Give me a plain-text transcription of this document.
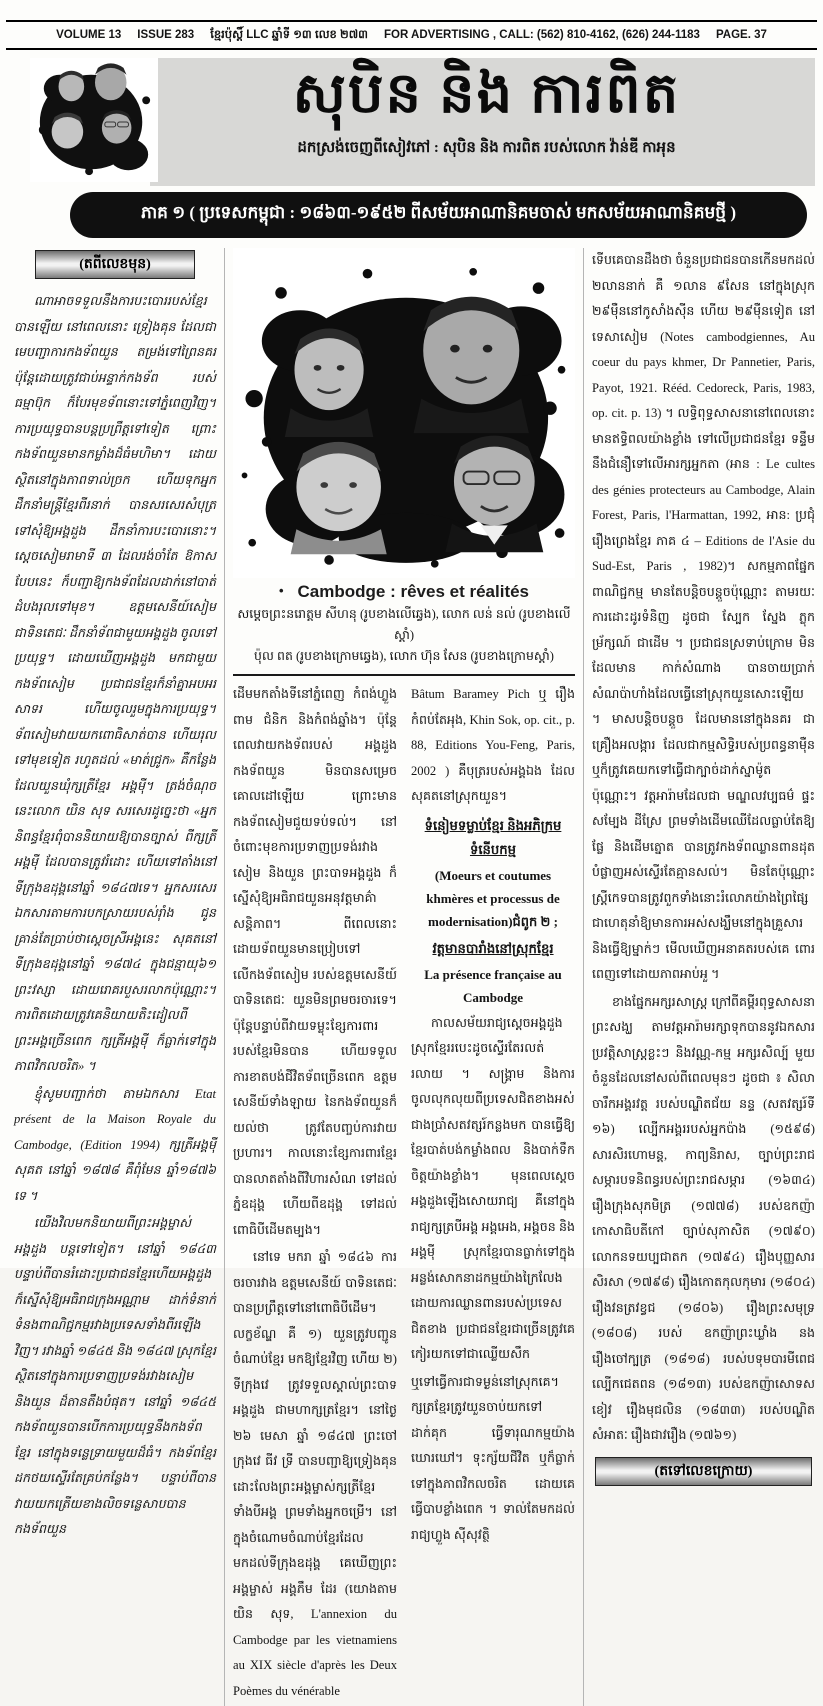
VOLUME 13 ISSUE 283 ខ្មែរប៉ុស្តិ៍ LLC ឆ្នាំទី ១៣ លេខ ២៧៣ FOR ADVERTISING , CALL: (562) 810-4162, (626) 244-1183 PAGE. 37
សុបិន និង ការពិត
ដកស្រង់ចេញពីសៀវភៅ : សុបិន និង ការពិត របស់លោក វ៉ាន់ឌី កាអុន
ភាគ ១ ( ប្រទេសកម្ពុជា : ១៨៦៣-១៩៥២ ពីសម័យអាណានិគមចាស់ មកសម័យអាណានិគមថ្មី )
(តពីលេខមុន)

ណាអាចទទួលនឹងការបះបោររបស់ខ្មែរ បានឡើយ នៅពេលនោះ ទ្រៀងគុន ដែលជាមេបញ្ជាការកងទ័ពយួន តម្រង់ទៅព្រៃនគរ ប៉ុន្តែដោយត្រូវជាប់អន្ទាក់កងទ័ព របស់ ធម្មាប៊ុក ក៏បែរមុខទ័ពនោះទៅភ្នំពេញវិញ។ ការប្រយុទ្ធបានបន្តប្រព្រឹត្តទៅទៀត ព្រោះកងទ័ពយួនមានកម្លាំងដ៏ធំមហិមា។ ដោយស្ថិតនៅក្នុងភាពទាល់ច្រក ហើយទុកអ្នកដឹកនាំមន្ត្រីខ្មែរពីរនាក់ បានសរសេរសំបុត្រទៅសុំឱ្យអង្គដួង ដឹកនាំការបះបោរនោះ។ ស្តេចសៀមរាមាទី ៣ ដែលរង់ចាំតែ ឱកាសបែបនេះ ក៏បញ្ជាឱ្យកងទ័ពដែលដាក់នៅបាត់ដំបងរុលទៅមុខ។ ឧត្តមសេនីយ៍សៀម ជាទិនតេជៈ ដឹកនាំទ័ពជាមួយអង្គដួង ចូលទៅប្រយុទ្ធ។ ដោយឃើញអង្គដួង មកជាមួយកងទ័ពសៀម ប្រជាជនខ្មែរក៏នាំគ្នាអបអរសាទរ ហើយចូលរួមក្នុងការប្រយុទ្ធ។ ទ័ពសៀមវាយយកពោធិសាត់បាន ហើយរុលទៅមុខទៀត រហូតដល់ «មាត់ជ្រូក» គឺកន្លែងដែលយួនឃុំក្សត្រីខ្មែរ អង្គម៉ី។ ត្រង់ចំណុចនេះលោក យិន សុទ សរសេរដូច្នេះថា «អ្នកនិពន្ធខ្មែរពុំបាននិយាយឱ្យបានច្បាស់ ពីក្សត្រីអង្គម៉ី ដែលបានត្រូវរំដោះ ហើយទៅតាំងនៅទីក្រុងឧដុង្គនៅឆ្នាំ ១៨៤៧ទេ។ អ្នកសរសេរឯកសារតាមការបកស្រាយរបស់រ៉ាំង ជូន គ្រាន់តែប្រាប់ថាស្តេចស្រីអង្គនេះ សុគតនៅទីក្រុងឧដុង្គនៅឆ្នាំ ១៨៧៤ ក្នុងជន្មាយុ៦១ ព្រះវស្សា ដោយរោគរបួសរលាកប៉ុណ្ណោះ។ ការពិតដោយត្រូវគេនិយាយតិះដៀលពីព្រះអង្គច្រើនពេក ក្សត្រីអង្គម៉ី ក៏ធ្លាក់ទៅក្នុងភាពវិកលចរិត» ។

ខ្ញុំសូមបញ្ជាក់ថា តាមឯកសារ Etat présent de la Maison Royale du Cambodge, (Edition 1994) ក្សត្រីអង្គម៉ី សុគត នៅឆ្នាំ ១៨៧៨ គឺពុំមែន ឆ្នាំ១៨៧៦ ទេ ។

យើងវិលមកនិយាយពីព្រះអង្គម្ចាស់ អង្គដួង បន្តទៅទៀត។ នៅឆ្នាំ ១៨៤៣ បន្ទាប់ពីបានរំដោះប្រជាជនខ្មែរហើយអង្គដួង ក៏ស្នើសុំឱ្យអធិរាជក្រុងអណ្ណាម ដាក់ទំនាក់ទំនងពាណិជ្ជកម្មរវាងប្រទេសទាំងពីរឡើងវិញ។ រវាងឆ្នាំ ១៨៤៥ និង ១៨៤៧ ស្រុកខ្មែរស្ថិតនៅក្នុងការប្រទាញប្រទង់រវាងសៀម និងយួន ដ៏តានតឹងបំផុត។ នៅឆ្នាំ ១៨៤៥ កងទ័ពយួនបានបើកការប្រយុទ្ធនឹងកងទ័ពខ្មែរ នៅក្នុងទន្លេទ្រាយមួយដ៏ធំ។ កងទ័ពខ្មែរដកថយស្ទើរតែគ្រប់កន្លែង។ បន្ទាប់ពីបានវាយយកត្រើយខាងលិចទន្លេសាបបាន កងទ័ពយួន

• Cambodge : rêves et réalités

សម្តេចព្រះនរោត្តម សីហនុ (រូបខាងលើឆ្វេង), លោក លន់ នល់ (រូបខាងលើស្តាំ)

ប៉ុល ពត (រូបខាងក្រោមឆ្វេង), លោក ហ៊ុន សែន (រូបខាងក្រោមស្តាំ)

ដើមមកតាំងទីនៅភ្នំពេញ កំពង់ហ្លួង ពាម ជំនិក និងកំពង់ឆ្នាំង។ ប៉ុន្តែពេលវាយកងទ័ពរបស់ អង្គដួង កងទ័ពយួន មិនបានសម្រេចគោលដៅឡើយ ព្រោះមានកងទ័ពសៀមជួយទប់ទល់។ នៅចំពោះមុខការប្រទាញប្រទង់រវាង សៀម និងយួន ព្រះបាទអង្គដួង ក៏ស្នើសុំឱ្យអធិរាជយួនអនុវត្តមាគ៌ាសន្តិភាព។ ពីពេលនោះ ដោយទ័ពយួនមានប្រៀបទៅលើកងទ័ពសៀម របស់ឧត្តមសេនីយ៍ បាទិនតេជៈ យួនមិនព្រមចរចារទេ។ ប៉ុន្តែបន្ទាប់ពីវាយទម្លុះខ្សែការពាររបស់ខ្មែរមិនបាន ហើយទទួលការខាតបង់ជីវិតទ័ពច្រើនពេក ឧត្តមសេនីយ៍ទាំងឡាយ នៃកងទ័ពយួនក៏យល់ថា ត្រូវតែបញ្ចប់ការវាយប្រហារ។ កាលនោះខ្សែការពារខ្មែរ បានលាតតាំងពីវិហារសំណ ទៅដល់ភ្នំឧដុង្គ ហើយពីឧដុង្គ ទៅដល់ពោធិបីដើមតម្បង។

នៅទេ មករា ឆ្នាំ ១៨៤៦ ការចរចារវាង ឧត្តមសេនីយ៍ បាទិនតេជៈ បានប្រព្រឹត្តទៅនៅពោធិបីដើម។ លក្ខខ័ណ្ឌ គឺ ១) យួនត្រូវបញ្ជូនចំណាប់ខ្មែរ មកឱ្យខ្មែរវិញ ហើយ ២) ទីក្រុងវេ ត្រូវទទួលស្គាល់ព្រះបាទ អង្គដួង ជាមហាក្សត្រខ្មែរ។ នៅថ្ងៃ ២៦ មេសា ឆ្នាំ ១៨៤៧ ព្រះចៅក្រុងវេ ធីវ ទ្រី បានបញ្ជាឱ្យទ្រៀងគុន ដោះលែងព្រះអង្គម្ចាស់ក្សត្រីខ្មែរ ទាំងបីអង្គ ព្រមទាំងអ្នកចម្រើ។ នៅក្នុងចំណោមចំណាប់ខ្មែរដែលមកដល់ទីក្រុងឧដុង្គ គេឃើញព្រះអង្គម្ចាស់ អង្គភឹម ដែរ (យោងតាម យិន សុទ, L'annexion du Cambodge par les vietnamiens au XIX siècle d'après les Deux Poèmes du vénérable

Bâtum Baramey Pich ឬ រឿងកំពប់តែអុង, Khin Sok, op. cit., p. 88, Editions You-Feng, Paris, 2002 ) គឺបុត្ររបស់អង្គឯង ដែលសុគតនៅស្រុកយួន។

ទំនៀមទម្លាប់ខ្មែរ និងអភិក្រមទំនើបកម្ម
(Moeurs et coutumes khmères et processus de modernisation)ជំពូក ២ ;
វត្តមានបារាំងនៅស្រុកខ្មែរ
La présence française au Cambodge

កាលសម័យរាជ្យស្តេចអង្គដួង ស្រុកខ្មែររបេះដូចស្ទើរតែរលត់រលាយ ។ សង្គ្រាម និងការចូលលុកលុយពីប្រទេសជិតខាងអស់ជាងប្រាំសតវត្សរ៍កន្លងមក បានធ្វើឱ្យខ្មែរបាត់បង់កម្លាំងពល និងបាក់ទឹកចិត្តយ៉ាងខ្លាំង។ មុនពេលស្តេចអង្គដួងឡើងសោយរាជ្យ គឺនៅក្នុងរាជ្យក្សត្របីអង្គ អង្គអេង, អង្គចន និងអង្គម៉ី ស្រុកខ្មែរបានធ្លាក់ទៅក្នុងអន្លង់សោកនាដកម្មយ៉ាងក្រៃលែង ដោយការឈ្លានពានរបស់ប្រទេសជិតខាង ប្រជាជនខ្មែរជាច្រើនត្រូវគេកៀរយកទៅជាឈ្លើយសឹក

ឬទៅធ្វើការជាទម្ងន់នៅស្រុកគេ។ ក្សត្រខ្មែរត្រូវយួនចាប់យកទៅដាក់គុក ធ្វើទារុណកម្មយ៉ាងឃោរឃៅ។ ទុះក្ស័យជីវិត ឬក៏ធ្លាក់ទៅក្នុងភាពវិកលចរិត ដោយគេធ្វើបាបខ្លាំងពេក ។ ទាល់តែមកដល់រាជ្យហ្លួង ស៊ីសុវត្ថិ

ទើបគេបានដឹងថា ចំនួនប្រជាជនបានកើនមកដល់ ២លាននាក់ គឺ ១លាន ៩សែន នៅក្នុងស្រុក ២៩ម៉ឺននៅកូសាំងស៊ីន ហើយ ២៩ម៉ឺនទៀត នៅទេសាសៀម (Notes cambodgiennes, Au coeur du pays khmer, Dr Pannetier, Paris, Payot, 1921. Rééd. Cedoreck, Paris, 1983, op. cit. p. 13) ។ លទ្ធិពុទ្ធសាសនានៅពេលនោះមានឥទ្ធិពលយ៉ាងខ្លាំង ទៅលើប្រជាជនខ្មែរ ទន្ទឹមនឹងជំនឿទៅលើអារក្សអ្នកតា (អាន : Le cultes des génies protecteurs au Cambodge, Alain Forest, Paris, l'Harmattan, 1992, អាន: ប្រជុំរឿងព្រេងខ្មែរ ភាគ ៤ – Editions de l'Asie du Sud-Est, Paris , 1982)។ សកម្មភាពផ្នែកពាណិជ្ជកម្ម មានតែបន្តិចបន្តួចប៉ុណ្ណោះ តាមរយៈការដោះដូរទំនិញ ដូចជា ស្បែក ស្នែង ភ្លុក ម្រ័ក្សណ៍ ជាដើម ។ ប្រជាជនស្រទាប់ក្រោម មិនដែលមាន កាក់សំណាង បានចាយប្រាក់សំណប៉ាហាំងដែលធ្វើនៅស្រុកយួនសោះឡើយ ។ មាសបន្តិចបន្តួច ដែលមាននៅក្នុងនគរ ជាគ្រឿងអលង្ការ ដែលជាកម្មសិទ្ធិរបស់ប្រពន្ធនាម៉ឺន ឬក៏ត្រូវគេយកទៅធ្វើជាក្បាច់ដាក់ស្នាម៉ូតប៉ុណ្ណោះ។ វត្តអារ៉ាមដែលជា មណ្ឌលវប្បធម៌ ផ្ទះសម្បែង ដីស្រែ ព្រមទាំងដើមឈើដែលធ្លាប់តែឱ្យផ្លែ និងដើមត្នោត បានត្រូវកងទ័ពឈ្លានពានដុតបំផ្លាញអស់ស្ទើរតែគ្មានសល់។ មិនតែប៉ុណ្ណោះ ស្រ្តីកេទបានត្រូវពួកទាំងនោះរំលោភយ៉ាងព្រៃផ្សៃ ជាហេតុនាំឱ្យមានការអស់សង្ឃឹមនៅក្នុងគ្រួសារ និងធ្វើឱ្យម្នាក់ៗ មើលឃើញអនាគតរបស់គេ ពោរពេញទៅដោយភាពអាប់អួ ។

ខាងផ្នែកអក្សរសាស្ត្រ ក្រៅពីគម្ពីរពុទ្ធសាសនា ព្រះសង្ឃ តាមវត្តអារ៉ាមរក្សាទុកបាននូវឯកសារប្រវត្តិសាស្ត្រខ្លះៗ និងវណ្ណ-កម្ម អក្សរសិល្ប៍ មួយចំនួនដែលនៅសល់ពីពេលមុនៗ ដូចជា ៖ សិលាចារឹកអង្គរវត្ត របស់បណ្ឌិតជ័យ នន្ទ (សតវត្សរ៍ទី ១៦) ល្បើកអង្គររបស់អ្នកប៉ាង (១៥៩៨) សារសិរហោមន្ត, កាព្យនិរាស, ច្បាប់ព្រះរាជ សម្ភារបទនិពន្ធរបស់ព្រះរាជសម្ភារ (១៦៣៤) រឿងក្រុងសុភមិត្រ (១៧៧៨) របស់ឧកញ៉ា កោសាធិបតីកៅ ច្បាប់សុភាសិត (១៧៩០) លោកនទយប្បជាតក (១៧៩៤) រឿងបុញ្ញសារសិរសា (១៧៩៨) រឿងកោតកុលកុមារ (១៨០៤) រឿងវនត្រវខ្វជ (១៨០៦) រឿងព្រះសមុទ្រ (១៨០៨) របស់ ឧកញ៉ាព្រះឃ្លាំង នង រឿងចៅក្បត្រ (១៨១៨) របស់បទុមបារមីពេជ ល្បើកជេតពន (១៨១៣) របស់ឧកញ៉ាសោទស ខៀវ រឿងមុជលិន (១៨៣៣) របស់បណ្ឌិតសំអាតៈ រឿងជាវរឿង (១៧៦១)

(តទៅលេខក្រោយ)
